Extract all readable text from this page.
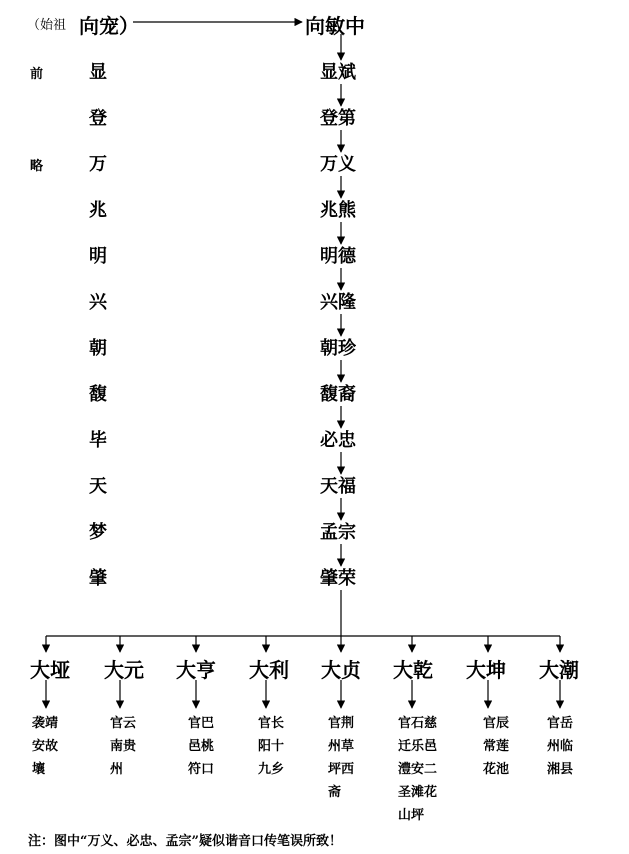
（始祖 向宠）	向敏中
前
略
显
登
万
兆
明
兴
朝
馥
毕
天
梦
肇
显斌
登第
万义
兆熊
明德
兴隆
朝珍
馥裔
必忠
天福
孟宗
肇荣
大垭
袭靖
安故
壤
大元
官云
南贵
州
大亨
官巴
邑桃
符口
大利
官长
阳十
九乡
大贞
官荆
州草
坪西
斋
大乾
官石慈
迁乐邑
澧安二
圣滩花
山坪
大坤
官辰
常莲
花池
大潮
官岳
州临
湘县
注：图中“万义、必忠、孟宗”疑似谐音口传笔误所致！
